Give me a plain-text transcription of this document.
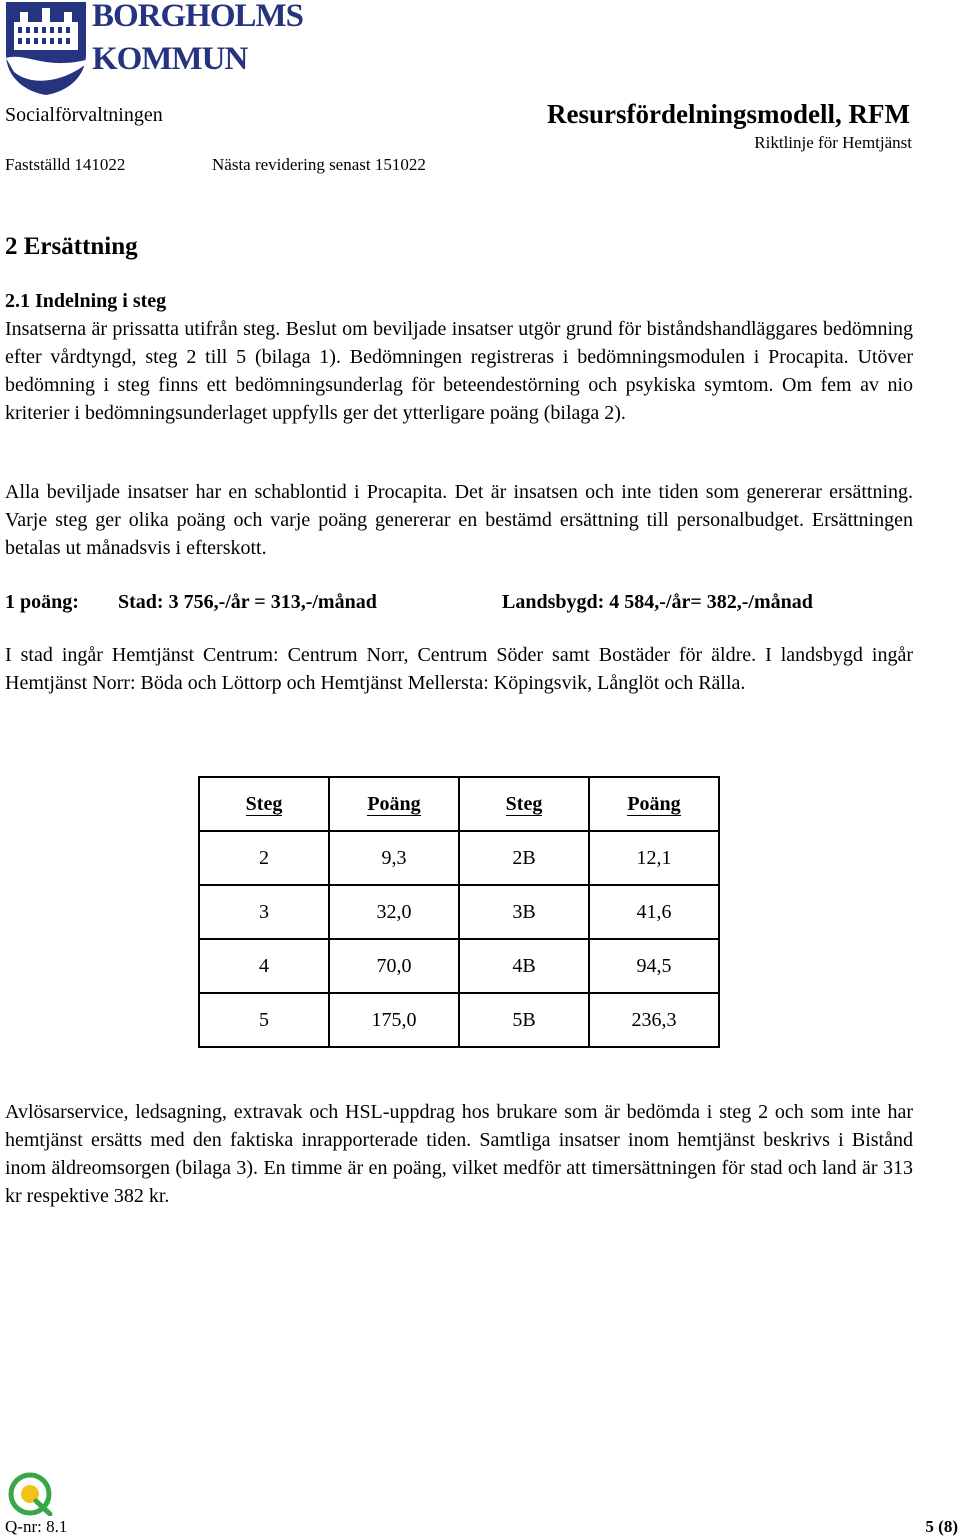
BORGHOLMS
KOMMUN
Socialförvaltningen	Resursfördelningsmodell, RFM
Riktlinje för Hemtjänst
Fastställd 141022	Nästa revidering senast 151022
2 Ersättning
2.1 Indelning i steg

Insatserna är prissatta utifrån steg. Beslut om beviljade insatser utgör grund för biståndshandläggares bedömning efter vårdtyngd, steg 2 till 5 (bilaga 1). Bedömningen registreras i bedömningsmodulen i Procapita. Utöver bedömning i steg finns ett bedömningsunderlag för beteendestörning och psykiska symtom. Om fem av nio kriterier i bedömningsunderlaget uppfylls ger det ytterligare poäng (bilaga 2).

Alla beviljade insatser har en schablontid i Procapita. Det är insatsen och inte tiden som genererar ersättning. Varje steg ger olika poäng och varje poäng genererar en bestämd ersättning till personalbudget. Ersättningen betalas ut månadsvis i efterskott.

1 poäng: Stad: 3 756,-/år = 313,-/månad	Landsbygd: 4 584,-/år= 382,-/månad

I stad ingår Hemtjänst Centrum: Centrum Norr, Centrum Söder samt Bostäder för äldre. I landsbygd ingår Hemtjänst Norr: Böda och Löttorp och Hemtjänst Mellersta: Köpingsvik, Långlöt och Rälla.

Steg	Poäng	Steg	Poäng
2	9,3	2B	12,1
3	32,0	3B	41,6
4	70,0	4B	94,5
5	175,0	5B	236,3

Avlösarservice, ledsagning, extravak och HSL-uppdrag hos brukare som är bedömda i steg 2 och som inte har hemtjänst ersätts med den faktiska inrapporterade tiden. Samtliga insatser inom hemtjänst beskrivs i Bistånd inom äldreomsorgen (bilaga 3). En timme är en poäng, vilket medför att timersättningen för stad och land är 313 kr respektive 382 kr.

Q-nr: 8.1	5 (8)
